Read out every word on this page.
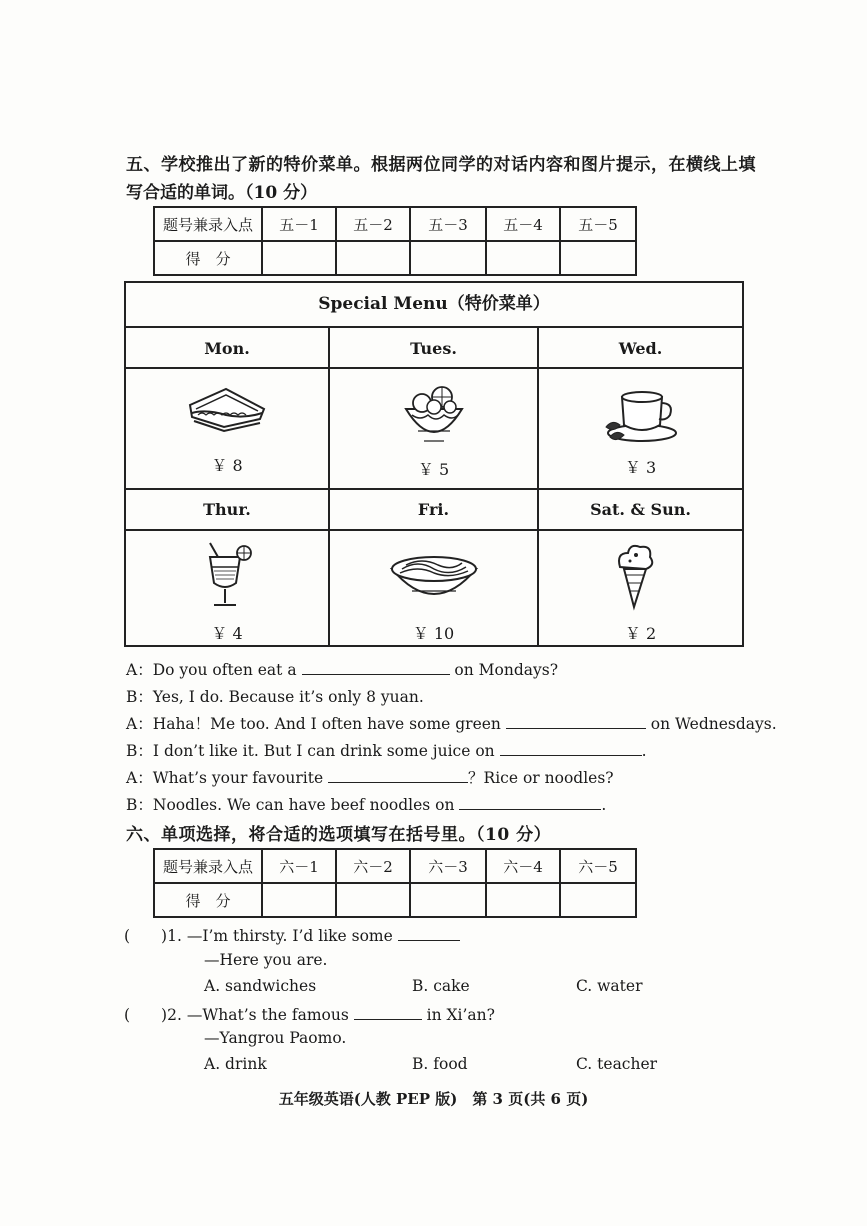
五、学校推出了新的特价菜单。根据两位同学的对话内容和图片提示，在横线上填
写合适的单词。（10 分）
题号兼录入点	五－1	五－2	五－3	五－4	五－5
得　分					
Special Menu（特价菜单）
Mon.	Tues.	Wed.
￥ 8	￥ 5	￥ 3
Thur.	Fri.	Sat. & Sun.
￥ 4	￥ 10	￥ 2
A：Do you often eat a	on Mondays?
B：Yes, I do. Because it’s only 8 yuan.
A：Haha！Me too. And I often have some green	on Wednesdays.
B：I don’t like it. But I can drink some juice on	.
A：What’s your favourite	？Rice or noodles?
B：Noodles. We can have beef noodles on	.
六、单项选择，将合适的选项填写在括号里。（10 分）
题号兼录入点	六－1	六－2	六－3	六－4	六－5
得　分					
(　　)1. —I’m thirsty. I’d like some
—Here you are.
A. sandwiches	B. cake	C. water
(　　)2. —What’s the famous	in Xi’an?
—Yangrou Paomo.
A. drink	B. food	C. teacher
五年级英语(人教 PEP 版)　第 3 页(共 6 页)
